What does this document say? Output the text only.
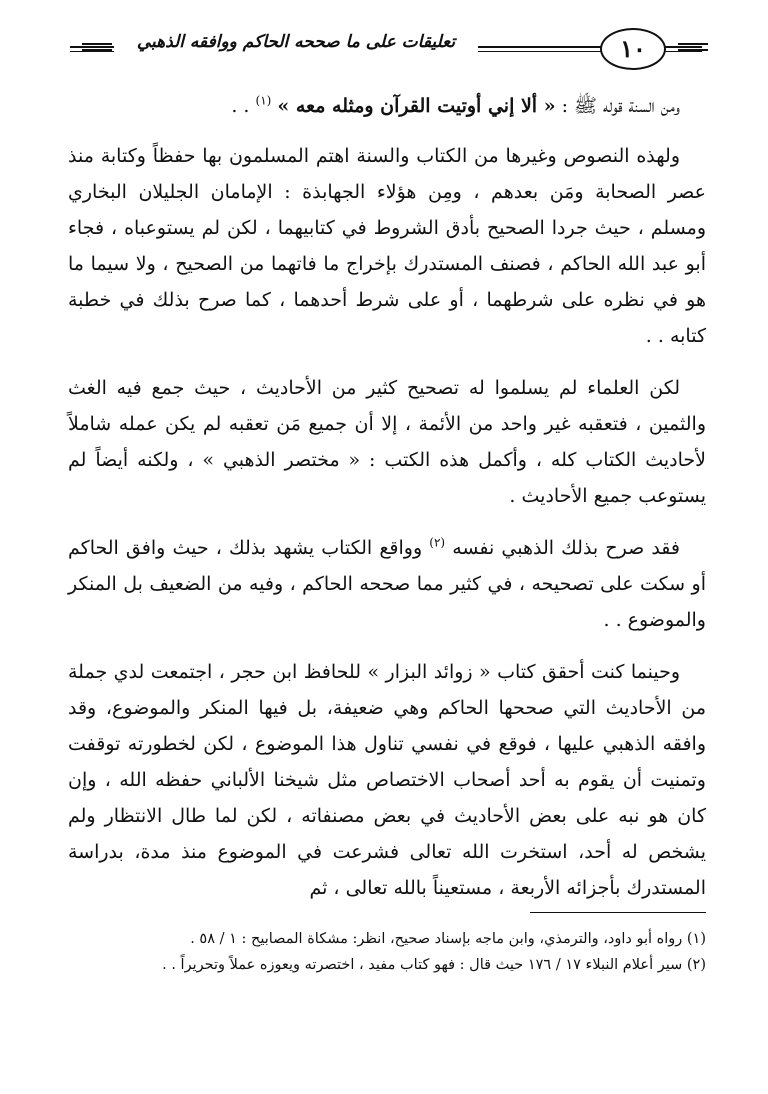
تعليقات على ما صححه الحاكم ووافقه الذهبي	١٠

ومن السنة قوله ﷺ : « ألا إني أوتيت القرآن ومثله معه » $^{(١)}$ . .

ولهذه النصوص وغيرها من الكتاب والسنة اهتم المسلمون بها حفظاً وكتابة منذ عصر الصحابة ومَن بعدهم ، ومِن هؤلاء الجهابذة : الإمامان الجليلان البخاري ومسلم ، حيث جردا الصحيح بأدق الشروط في كتابيهما ، لكن لم يستوعباه ، فجاء أبو عبد الله الحاكم ، فصنف المستدرك بإخراج ما فاتهما من الصحيح ، ولا سيما ما هو في نظره على شرطهما ، أو على شرط أحدهما ، كما صرح بذلك في خطبة كتابه . .

لكن العلماء لم يسلموا له تصحيح كثير من الأحاديث ، حيث جمع فيه الغث والثمين ، فتعقبه غير واحد من الأئمة ، إلا أن جميع مَن تعقبه لم يكن عمله شاملاً لأحاديث الكتاب كله ، وأكمل هذه الكتب : « مختصر الذهبي » ، ولكنه أيضاً لم يستوعب جميع الأحاديث .

فقد صرح بذلك الذهبي نفسه $^{(٢)}$ وواقع الكتاب يشهد بذلك ، حيث وافق الحاكم أو سكت على تصحيحه ، في كثير مما صححه الحاكم ، وفيه من الضعيف بل المنكر والموضوع . .

وحينما كنت أحقق كتاب « زوائد البزار » للحافظ ابن حجر ، اجتمعت لدي جملة من الأحاديث التي صححها الحاكم وهي ضعيفة، بل فيها المنكر والموضوع، وقد وافقه الذهبي عليها ، فوقع في نفسي تناول هذا الموضوع ، لكن لخطورته توقفت وتمنيت أن يقوم به أحد أصحاب الاختصاص مثل شيخنا الألباني حفظه الله ، وإن كان هو نبه على بعض الأحاديث في بعض مصنفاته ، لكن لما طال الانتظار ولم يشخص له أحد، استخرت الله تعالى فشرعت في الموضوع منذ مدة، بدراسة المستدرك بأجزائه الأربعة ، مستعيناً بالله تعالى ، ثم

(١) رواه أبو داود، والترمذي، وابن ماجه بإسناد صحيح، انظر: مشكاة المصابيح : ١ / ٥٨ .
(٢) سير أعلام النبلاء ١٧ / ١٧٦ حيث قال : فهو كتاب مفيد ، اختصرته ويعوزه عملاً وتحريراً . .
